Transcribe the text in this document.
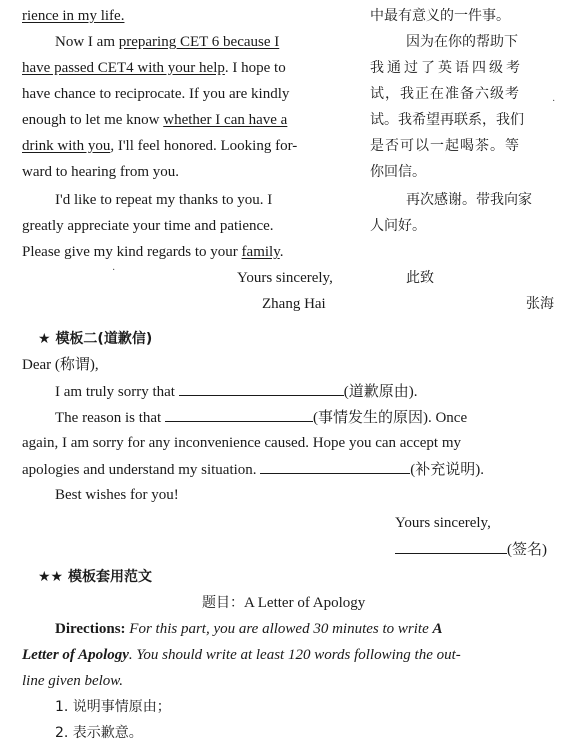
rience in my life.
Now I am preparing CET 6 because I
have passed CET4 with your help. I hope to
have chance to reciprocate. If you are kindly
enough to let me know whether I can have a
drink with you, I'll feel honored. Looking for-
ward to hearing from you.
I'd like to repeat my thanks to you. I
greatly appreciate your time and patience.
Please give my kind regards to your family.
Yours sincerely,
Zhang Hai
中最有意义的一件事。
因为在你的帮助下
我通过了英语四级考
试，我正在准备六级考
试。我希望再联系，我们
是否可以一起喝茶。等
你回信。
再次感谢。带我向家
人问好。
此致
张海
·
·
★ 模板二(道歉信)
Dear (称谓),
I am truly sorry that	(道歉原由).
The reason is that	(事情发生的原因). Once
again, I am sorry for any inconvenience caused. Hope you can accept my
apologies and understand my situation.	(补充说明).
Best wishes for you!
Yours sincerely,
(签名)
★★ 模板套用范文
题目：A Letter of Apology
Directions: For this part, you are allowed 30 minutes to write A
Letter of Apology. You should write at least 120 words following the out-
line given below.
1. 说明事情原由；
2. 表示歉意。
